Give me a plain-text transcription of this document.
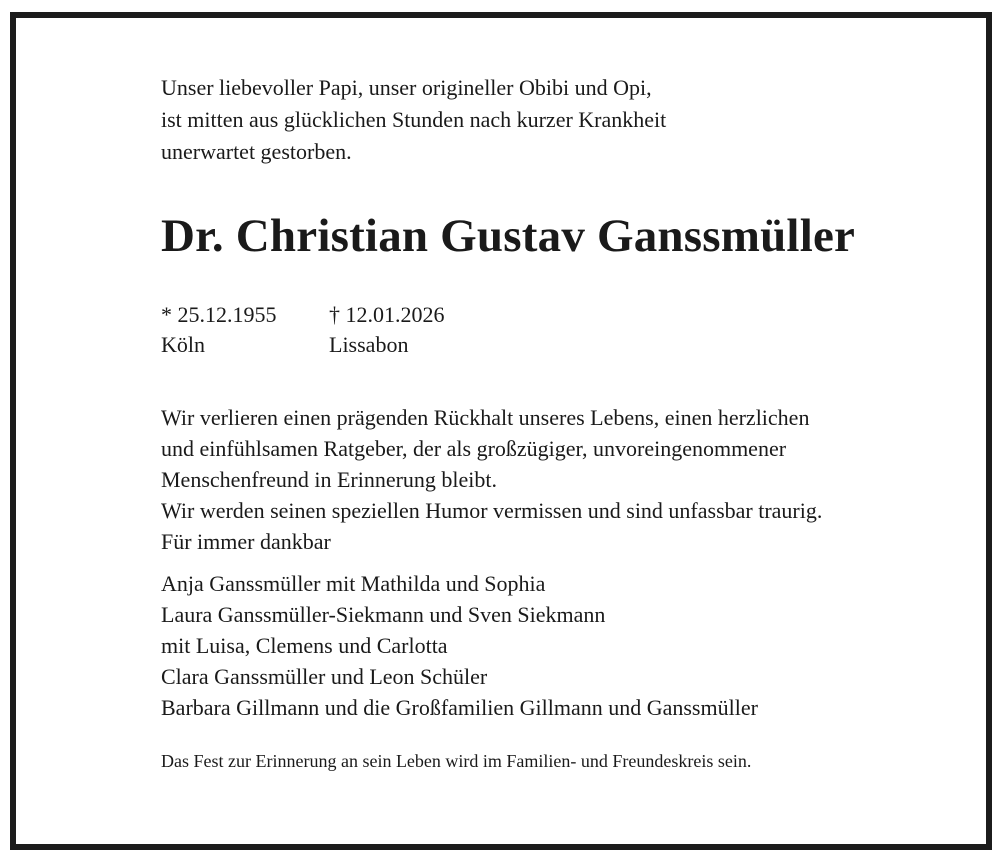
Unser liebevoller Papi, unser origineller Obibi und Opi,
ist mitten aus glücklichen Stunden nach kurzer Krankheit
unerwartet gestorben.

Dr. Christian Gustav Ganssmüller
* 25.12.1955
Köln
† 12.01.2026
Lissabon

Wir verlieren einen prägenden Rückhalt unseres Lebens, einen herzlichen
und einfühlsamen Ratgeber, der als großzügiger, unvoreingenommener
Menschenfreund in Erinnerung bleibt.
Wir werden seinen speziellen Humor vermissen und sind unfassbar traurig.
Für immer dankbar

Anja Ganssmüller mit Mathilda und Sophia
Laura Ganssmüller-Siekmann und Sven Siekmann
mit Luisa, Clemens und Carlotta
Clara Ganssmüller und Leon Schüler
Barbara Gillmann und die Großfamilien Gillmann und Ganssmüller

Das Fest zur Erinnerung an sein Leben wird im Familien- und Freundeskreis sein.
